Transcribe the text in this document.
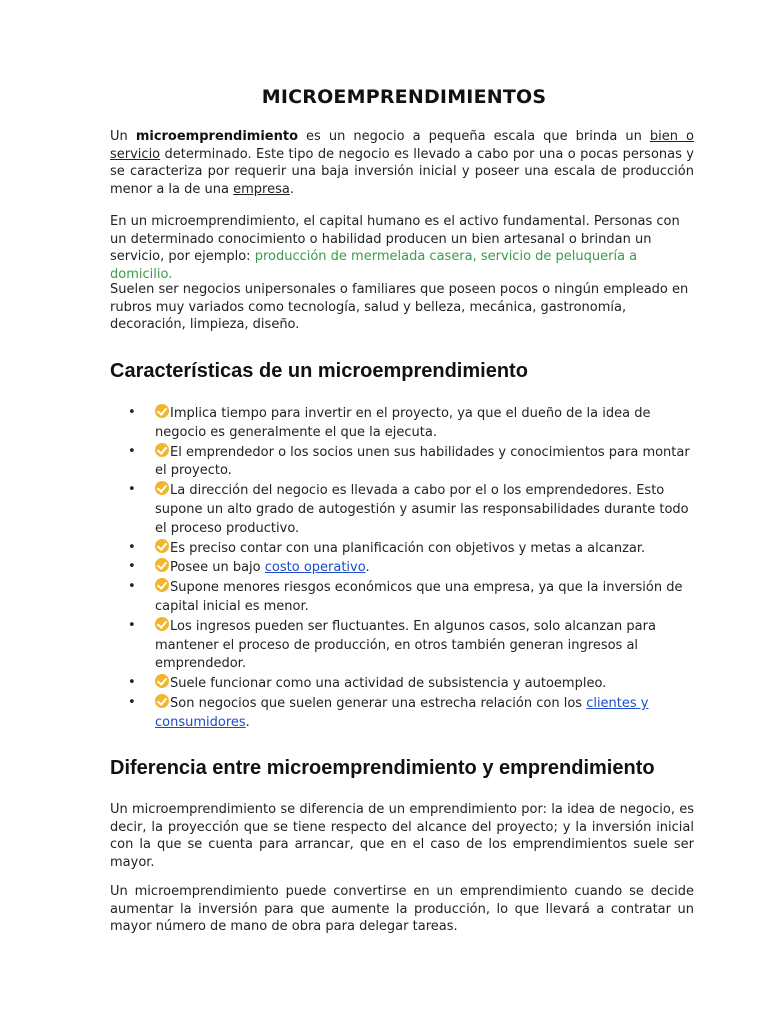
MICROEMPRENDIMIENTOS

Un microemprendimiento es un negocio a pequeña escala que brinda un bien o servicio determinado. Este tipo de negocio es llevado a cabo por una o pocas personas y se caracteriza por requerir una baja inversión inicial y poseer una escala de producción menor a la de una empresa.

En un microemprendimiento, el capital humano es el activo fundamental. Personas con un determinado conocimiento o habilidad producen un bien artesanal o brindan un servicio, por ejemplo: producción de mermelada casera, servicio de peluquería a domicilio.

Suelen ser negocios unipersonales o familiares que poseen pocos o ningún empleado en rubros muy variados como tecnología, salud y belleza, mecánica, gastronomía, decoración, limpieza, diseño.

Características de un microemprendimiento
•	Implica tiempo para invertir en el proyecto, ya que el dueño de la idea de negocio es generalmente el que la ejecuta.
•	El emprendedor o los socios unen sus habilidades y conocimientos para montar el proyecto.
•	La dirección del negocio es llevada a cabo por el o los emprendedores. Esto supone un alto grado de autogestión y asumir las responsabilidades durante todo el proceso productivo.
•	Es preciso contar con una planificación con objetivos y metas a alcanzar.
•	Posee un bajo costo operativo.
•	Supone menores riesgos económicos que una empresa, ya que la inversión de capital inicial es menor.
•	Los ingresos pueden ser fluctuantes. En algunos casos, solo alcanzan para mantener el proceso de producción, en otros también generan ingresos al emprendedor.
•	Suele funcionar como una actividad de subsistencia y autoempleo.
•	Son negocios que suelen generar una estrecha relación con los clientes y consumidores.
Diferencia entre microemprendimiento y emprendimiento

Un microemprendimiento se diferencia de un emprendimiento por: la idea de negocio, es decir, la proyección que se tiene respecto del alcance del proyecto; y la inversión inicial con la que se cuenta para arrancar, que en el caso de los emprendimientos suele ser mayor.

Un microemprendimiento puede convertirse en un emprendimiento cuando se decide aumentar la inversión para que aumente la producción, lo que llevará a contratar un mayor número de mano de obra para delegar tareas.
